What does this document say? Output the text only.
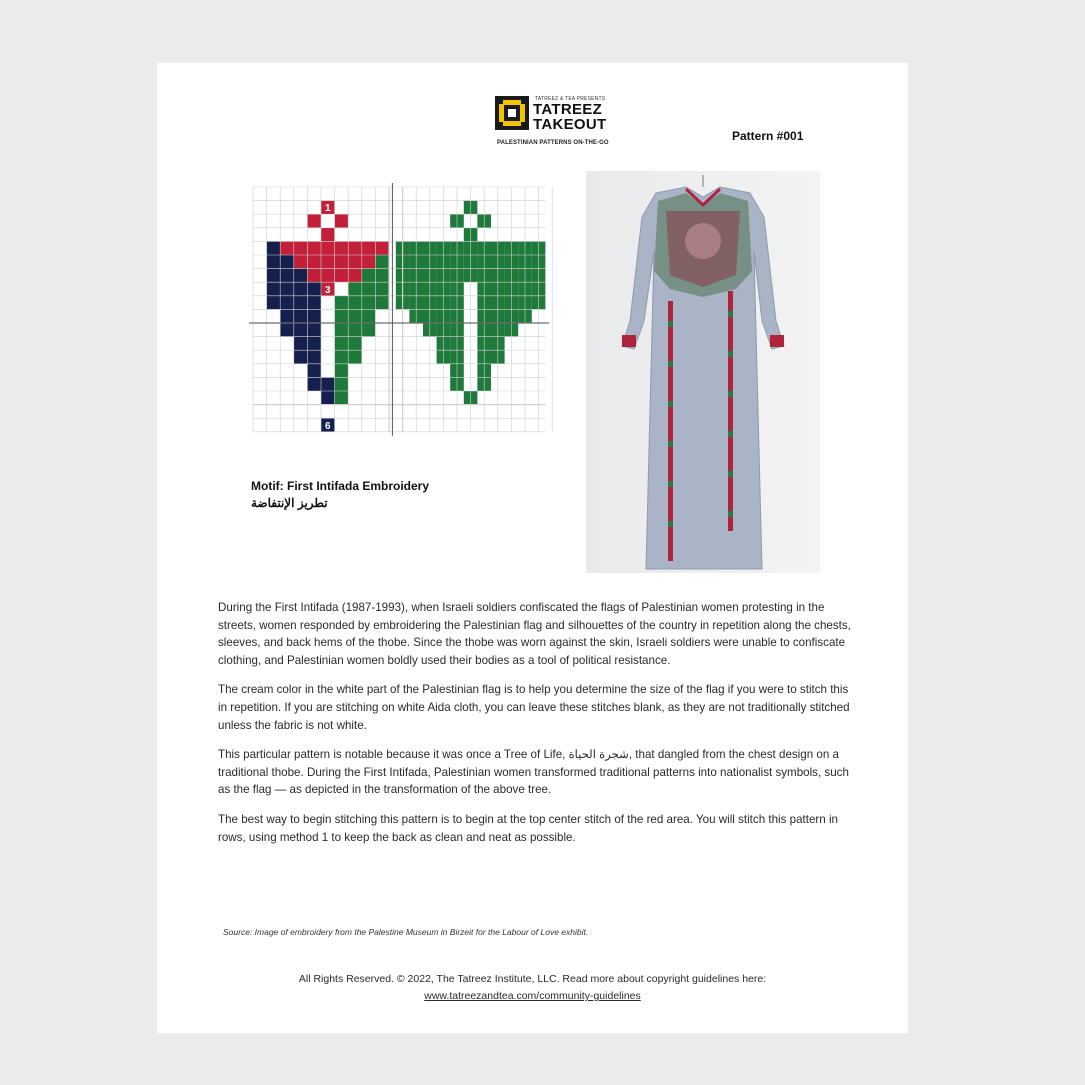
TATREEZ & TEA PRESENTS
TATREEZ
TAKEOUT
PALESTINIAN PATTERNS ON-THE-GO	Pattern #001
1
3
6
Motif: First Intifada Embroidery
تطريز الإنتفاضة

During the First Intifada (1987-1993), when Israeli soldiers confiscated the flags of Palestinian women protesting in the streets, women responded by embroidering the Palestinian flag and silhouettes of the country in repetition along the chests, sleeves, and back hems of the thobe. Since the thobe was worn against the skin, Israeli soldiers were unable to confiscate clothing, and Palestinian women boldly used their bodies as a tool of political resistance.

The cream color in the white part of the Palestinian flag is to help you determine the size of the flag if you were to stitch this in repetition. If you are stitching on white Aida cloth, you can leave these stitches blank, as they are not traditionally stitched unless the fabric is not white.

This particular pattern is notable because it was once a Tree of Life, شجرة الحياة, that dangled from the chest design on a traditional thobe. During the First Intifada, Palestinian women transformed traditional patterns into nationalist symbols, such as the flag — as depicted in the transformation of the above tree.

The best way to begin stitching this pattern is to begin at the top center stitch of the red area. You will stitch this pattern in rows, using method 1 to keep the back as clean and neat as possible.

Source: Image of embroidery from the Palestine Museum in Birzeit for the Labour of Love exhibit.
All Rights Reserved. © 2022, The Tatreez Institute, LLC. Read more about copyright guidelines here:
www.tatreezandtea.com/community-guidelines
